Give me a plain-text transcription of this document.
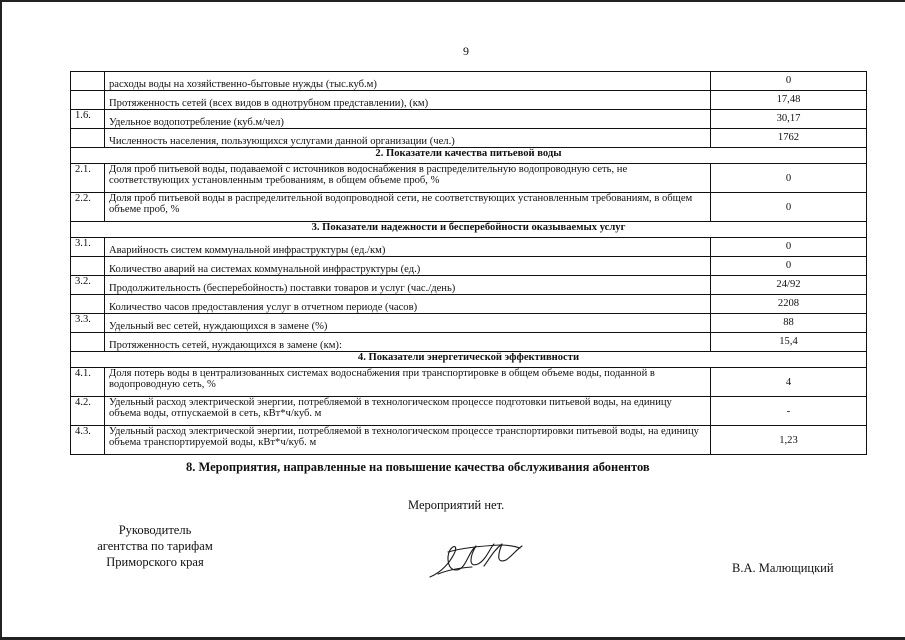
9
	расходы воды на хозяйственно-бытовые нужды (тыс.куб.м)	0
	Протяженность сетей (всех видов в однотрубном представлении), (км)	17,48
1.6.	Удельное водопотребление (куб.м/чел)	30,17
	Численность населения, пользующихся услугами данной организации (чел.)	1762
2. Показатели качества питьевой воды		
2.1.	Доля проб питьевой воды, подаваемой с источников водоснабжения в распределительную водопроводную сеть, не соответствующих установленным требованиям, в общем объеме проб, %	0
2.2.	Доля проб питьевой воды в распределительной водопроводной сети, не соответствующих установленным требованиям, в общем объеме проб, %	0
3. Показатели надежности и бесперебойности оказываемых услуг		
3.1.	Аварийность систем коммунальной инфраструктуры (ед./км)	0
	Количество аварий на системах коммунальной инфраструктуры (ед.)	0
3.2.	Продолжительность (бесперебойность) поставки товаров и услуг (час./день)	24/92
	Количество часов предоставления услуг в отчетном периоде (часов)	2208
3.3.	Удельный вес сетей, нуждающихся в замене (%)	88
	Протяженность сетей, нуждающихся в замене (км):	15,4
4. Показатели энергетической эффективности		
4.1.	Доля потерь воды в централизованных системах водоснабжения при транспортировке в общем объеме воды, поданной в водопроводную сеть, %	4
4.2.	Удельный расход электрической энергии, потребляемой в технологическом процессе подготовки питьевой воды, на единицу объема воды, отпускаемой в сеть, кВт*ч/куб. м	-
4.3.	Удельный расход электрической энергии, потребляемой в технологическом процессе транспортировки питьевой воды, на единицу объема транспортируемой воды, кВт*ч/куб. м	1,23
8. Мероприятия, направленные на повышение качества обслуживания абонентов
Мероприятий нет.
Руководитель
агентства по тарифам
Приморского края	В.А. Малющицкий
